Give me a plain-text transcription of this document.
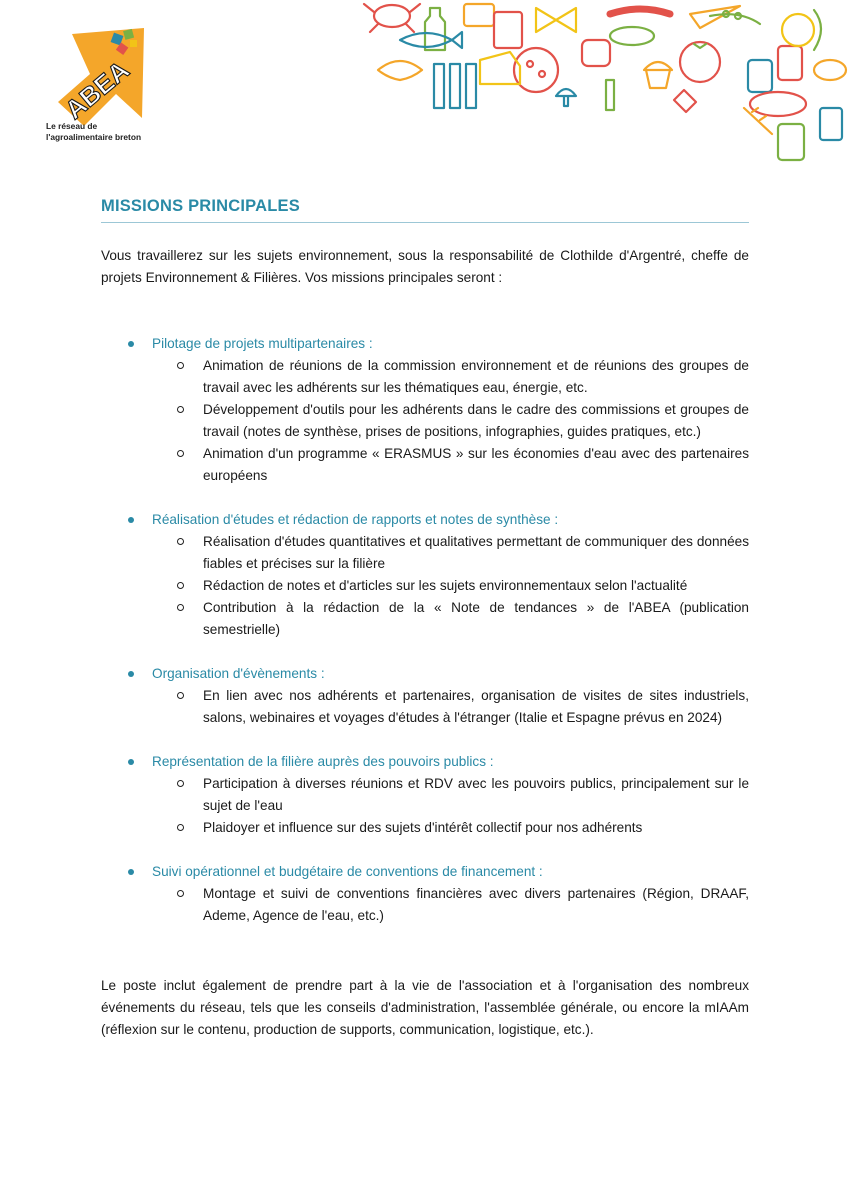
ABEA
Le réseau de
l'agroalimentaire breton
MISSIONS PRINCIPALES
Vous travaillerez sur les sujets environnement, sous la responsabilité de Clothilde d'Argentré, cheffe de projets Environnement & Filières. Vos missions principales seront :
Pilotage de projets multipartenaires :
Animation de réunions de la commission environnement et de réunions des groupes de travail avec les adhérents sur les thématiques eau, énergie, etc.
Développement d'outils pour les adhérents dans le cadre des commissions et groupes de travail (notes de synthèse, prises de positions, infographies, guides pratiques, etc.)
Animation d'un programme « ERASMUS » sur les économies d'eau avec des partenaires européens
Réalisation d'études et rédaction de rapports et notes de synthèse :
Réalisation d'études quantitatives et qualitatives permettant de communiquer des données fiables et précises sur la filière
Rédaction de notes et d'articles sur les sujets environnementaux selon l'actualité
Contribution à la rédaction de la « Note de tendances » de l'ABEA (publication semestrielle)
Organisation d'évènements :
En lien avec nos adhérents et partenaires, organisation de visites de sites industriels, salons, webinaires et voyages d'études à l'étranger (Italie et Espagne prévus en 2024)
Représentation de la filière auprès des pouvoirs publics :
Participation à diverses réunions et RDV avec les pouvoirs publics, principalement sur le sujet de l'eau
Plaidoyer et influence sur des sujets d'intérêt collectif pour nos adhérents
Suivi opérationnel et budgétaire de conventions de financement :
Montage et suivi de conventions financières avec divers partenaires (Région, DRAAF, Ademe, Agence de l'eau, etc.)
Le poste inclut également de prendre part à la vie de l'association et à l'organisation des nombreux événements du réseau, tels que les conseils d'administration, l'assemblée générale, ou encore la mIAAm (réflexion sur le contenu, production de supports, communication, logistique, etc.).
